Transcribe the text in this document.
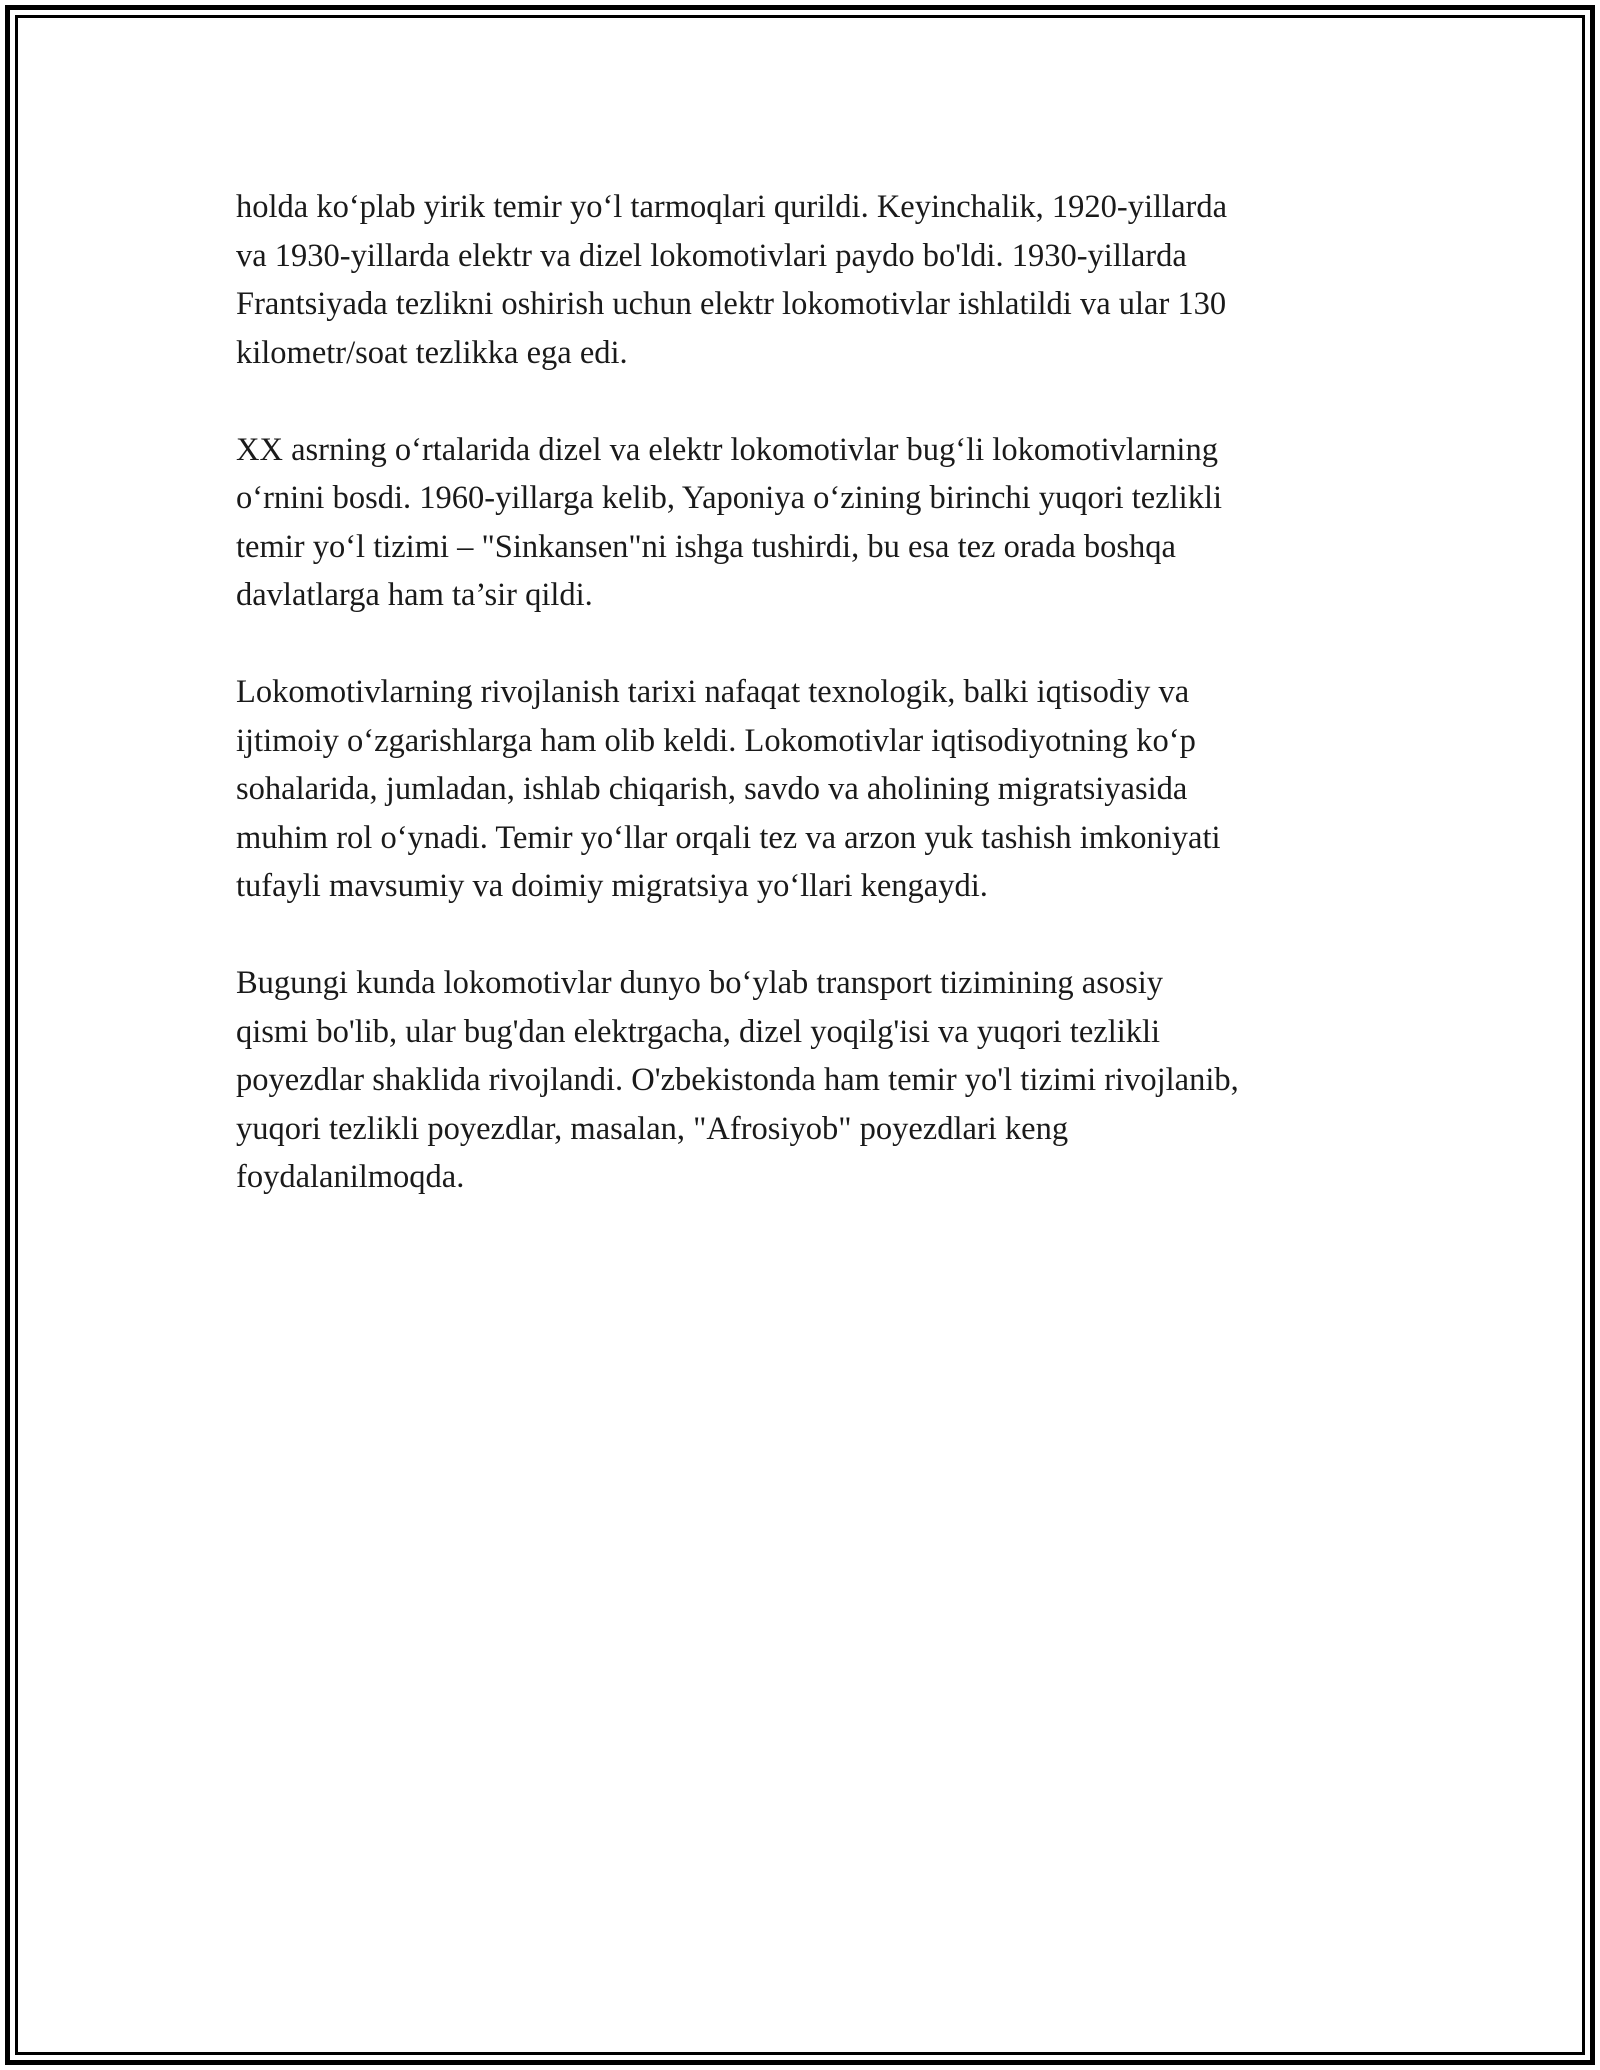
holda koʻplab yirik temir yoʻl tarmoqlari qurildi. Keyinchalik, 1920-yillarda
va 1930-yillarda elektr va dizel lokomotivlari paydo bo'ldi. 1930-yillarda
Frantsiyada tezlikni oshirish uchun elektr lokomotivlar ishlatildi va ular 130
kilometr/soat tezlikka ega edi.

XX asrning oʻrtalarida dizel va elektr lokomotivlar bugʻli lokomotivlarning
oʻrnini bosdi. 1960-yillarga kelib, Yaponiya oʻzining birinchi yuqori tezlikli
temir yoʻl tizimi – "Sinkansen"ni ishga tushirdi, bu esa tez orada boshqa
davlatlarga ham ta’sir qildi.

Lokomotivlarning rivojlanish tarixi nafaqat texnologik, balki iqtisodiy va
ijtimoiy oʻzgarishlarga ham olib keldi. Lokomotivlar iqtisodiyotning koʻp
sohalarida, jumladan, ishlab chiqarish, savdo va aholining migratsiyasida
muhim rol oʻynadi. Temir yoʻllar orqali tez va arzon yuk tashish imkoniyati
tufayli mavsumiy va doimiy migratsiya yoʻllari kengaydi.

Bugungi kunda lokomotivlar dunyo boʻylab transport tizimining asosiy
qismi bo'lib, ular bug'dan elektrgacha, dizel yoqilg'isi va yuqori tezlikli
poyezdlar shaklida rivojlandi. O'zbekistonda ham temir yo'l tizimi rivojlanib,
yuqori tezlikli poyezdlar, masalan, "Afrosiyob" poyezdlari keng
foydalanilmoqda.
